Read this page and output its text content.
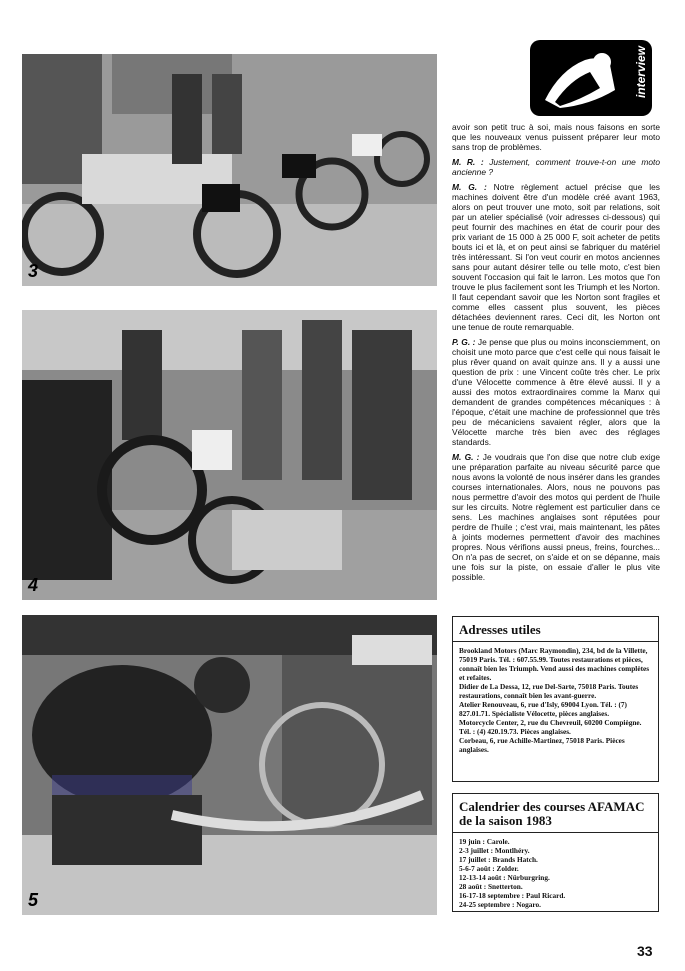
3
4
5
interview

avoir son petit truc à soi, mais nous faisons en sorte que les nouveaux venus puissent préparer leur moto sans trop de problèmes.

M. R. : Justement, comment trouve-t-on une moto ancienne ?

M. G. : Notre règlement actuel précise que les machines doivent être d'un modèle créé avant 1963, alors on peut trouver une moto, soit par relations, soit par un atelier spécialisé (voir adresses ci-dessous) qui peut fournir des machines en état de courir pour des prix variant de 15 000 à 25 000 F, soit acheter de petits bouts ici et là, et on peut ainsi se fabriquer du matériel très intéressant. Si l'on veut courir en motos anciennes sans pour autant désirer telle ou telle moto, c'est bien souvent l'occasion qui fait le larron. Les motos que l'on trouve le plus facilement sont les Triumph et les Norton. Il faut cependant savoir que les Norton sont fragiles et comme elles cassent plus souvent, les pièces détachées deviennent rares. Ceci dit, les Norton ont une tenue de route remarquable.

P. G. : Je pense que plus ou moins inconsciemment, on choisit une moto parce que c'est celle qui nous faisait le plus rêver quand on avait quinze ans. Il y a aussi une question de prix : une Vincent coûte très cher. Le prix d'une Vélocette commence à être élevé aussi. Il y a aussi des motos extraordinaires comme la Manx qui demandent de grandes compétences mécaniques : à l'époque, c'était une machine de professionnel que très peu de mécaniciens savaient régler, alors que la Vélocette marche très bien avec des réglages standards.

M. G. : Je voudrais que l'on dise que notre club exige une préparation parfaite au niveau sécurité parce que nous avons la volonté de nous insérer dans les grandes courses internationales. Alors, nous ne pouvons pas nous permettre d'avoir des motos qui perdent de l'huile sur les circuits. Notre règlement est particulier dans ce sens. Les machines anglaises sont réputées pour perdre de l'huile ; c'est vrai, mais maintenant, les pâtes à joints modernes permettent d'avoir des machines propres. Nous vérifions aussi pneus, freins, fourches... On n'a pas de secret, on s'aide et on se dépanne, mais une fois sur la piste, on essaie d'aller le plus vite possible.

Adresses utiles
Brookland Motors (Marc Raymondin), 234, bd de la Villette, 75019 Paris. Tél. : 607.55.99. Toutes restaurations et pièces, connaît bien les Triumph. Vend aussi des machines complètes et refaites.
Didier de La Dessa, 12, rue Del-Sarte, 75018 Paris. Toutes restaurations, connaît bien les avant-guerre.
Atelier Renouveau, 6, rue d'Isly, 69004 Lyon. Tél. : (7) 827.01.71. Spécialiste Vélocette, pièces anglaises.
Motorcycle Center, 2, rue du Chevreuil, 60200 Compiègne. Tél. : (4) 420.19.73. Pièces anglaises.
Corbeau, 6, rue Achille-Martinez, 75018 Paris. Pièces anglaises.
Calendrier des courses AFAMAC de la saison 1983
19 juin : Carole.
2-3 juillet : Montlhéry.
17 juillet : Brands Hatch.
5-6-7 août : Zolder.
12-13-14 août : Nürburgring.
28 août : Snetterton.
16-17-18 septembre : Paul Ricard.
24-25 septembre : Nogaro.
33
